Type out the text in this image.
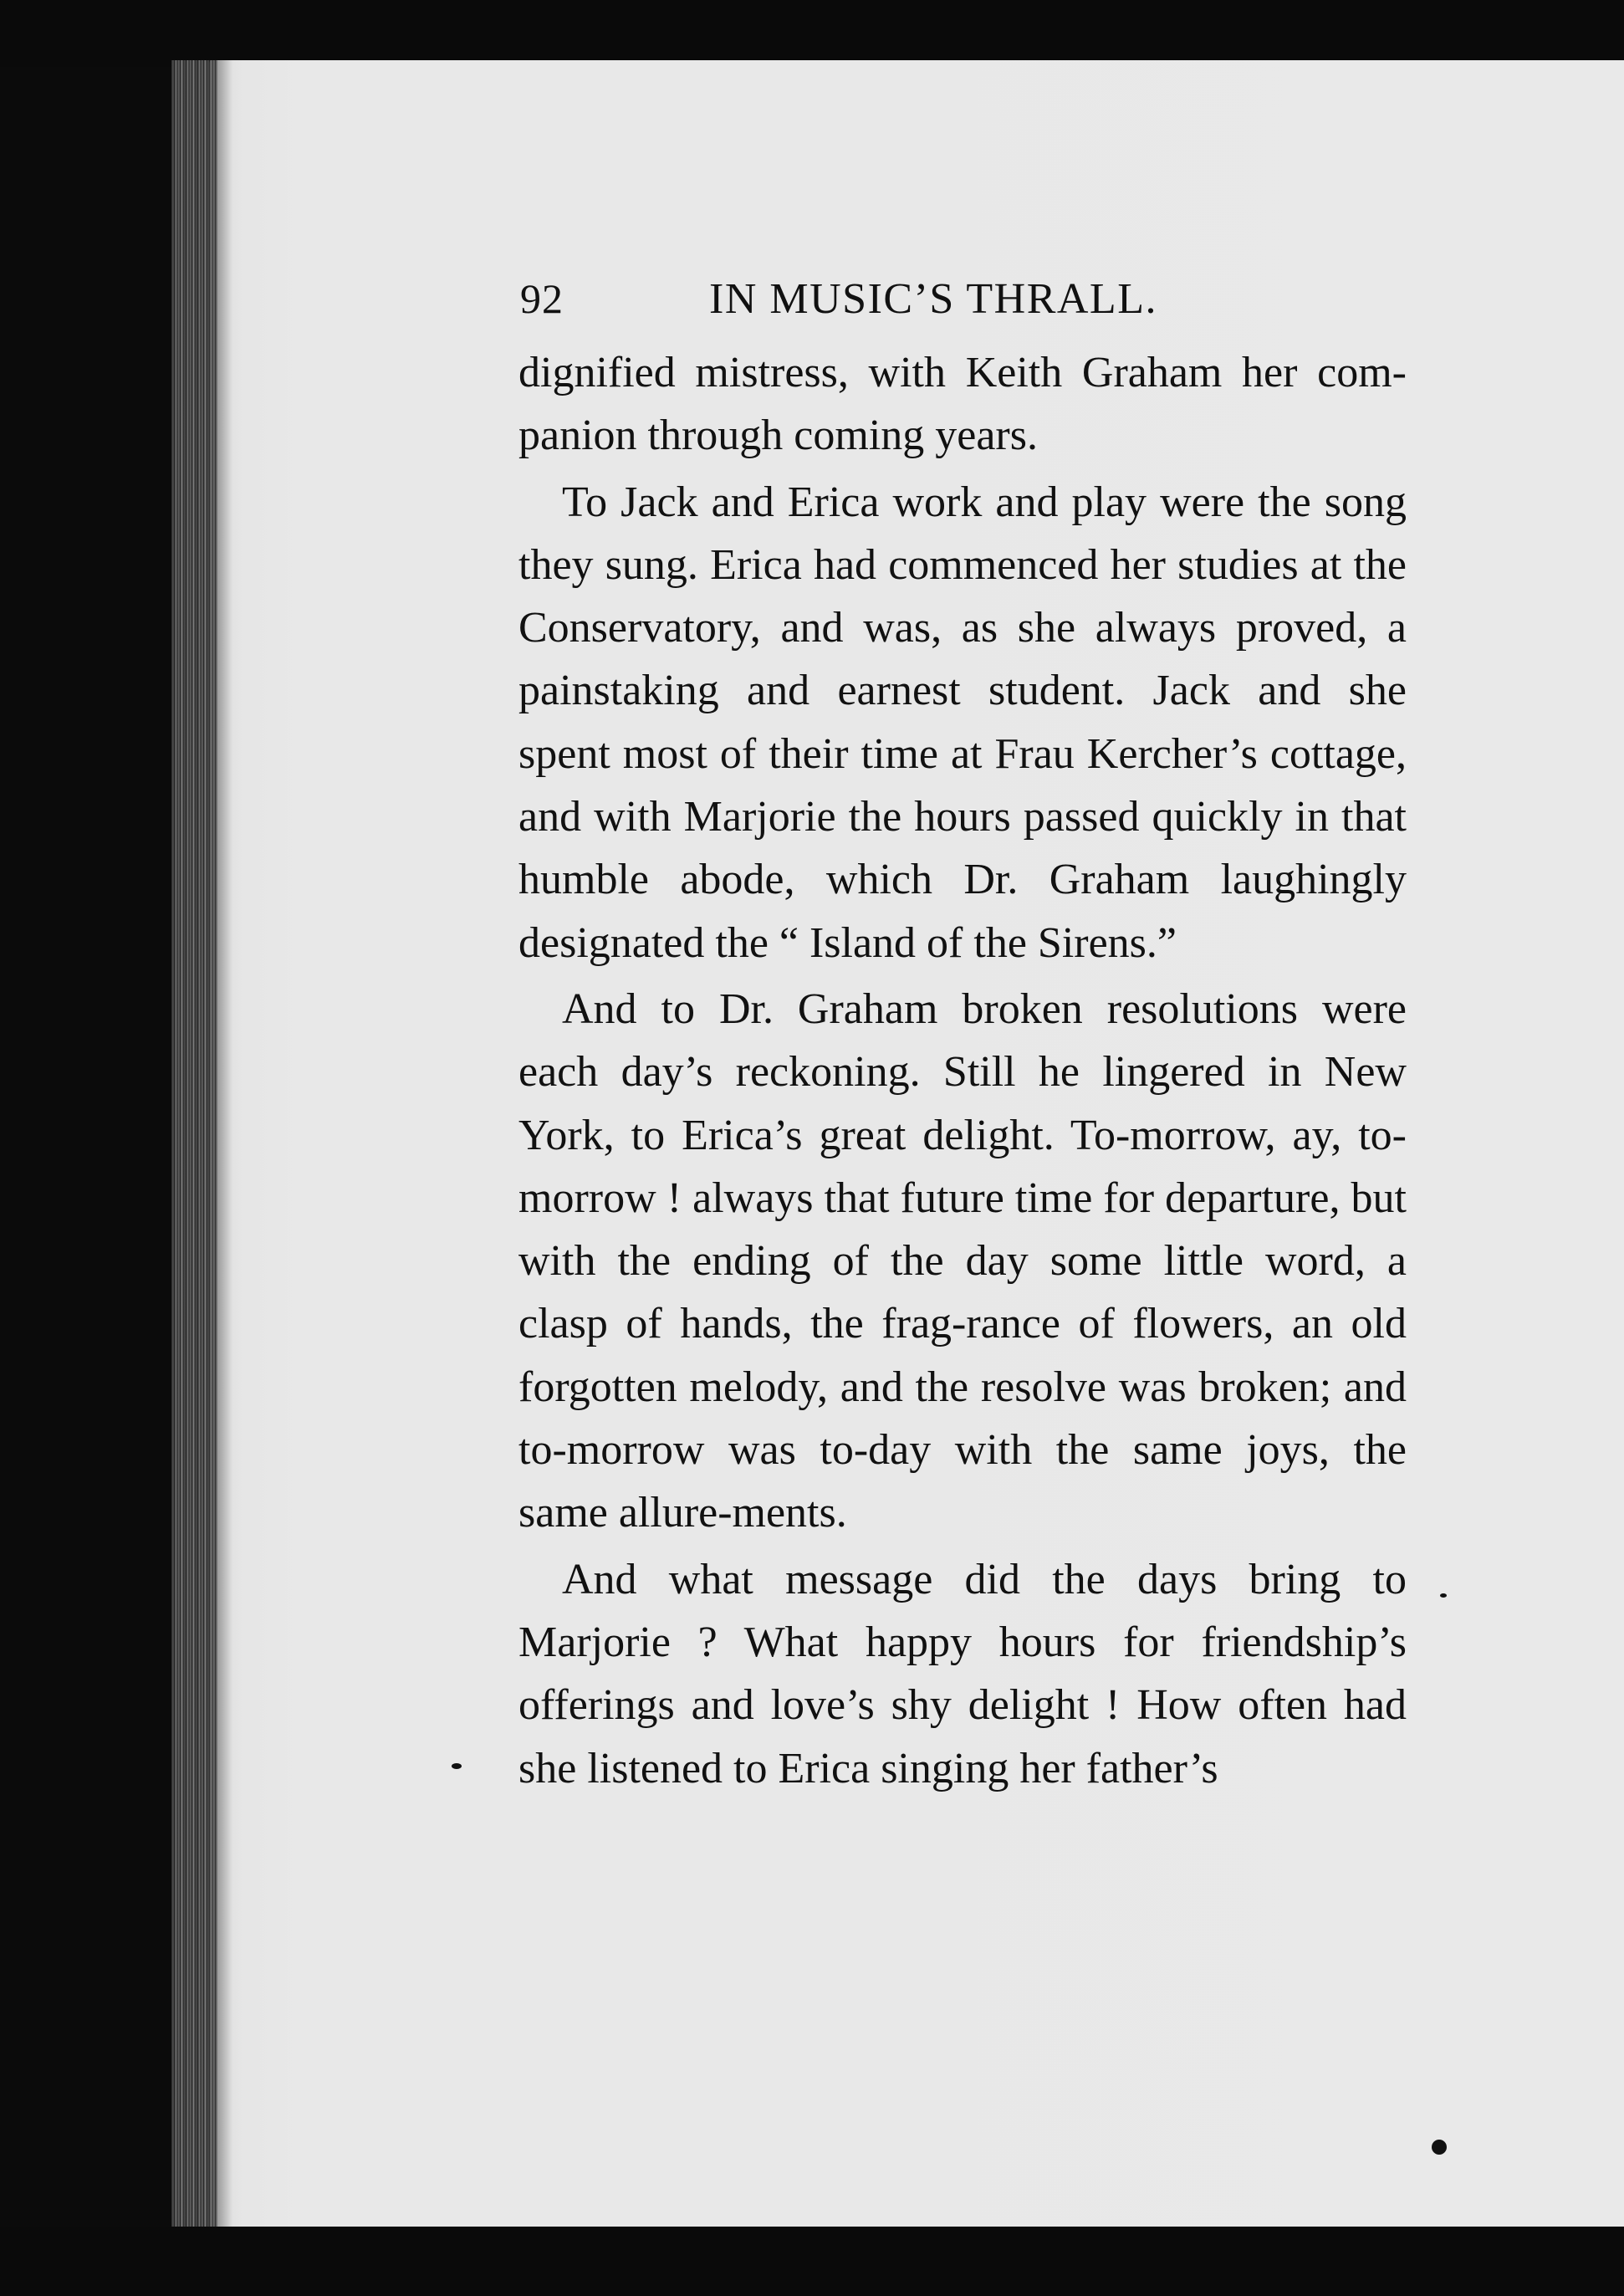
92	IN MUSIC’S THRALL.

dignified mistress, with Keith Graham her com-panion through coming years.

To Jack and Erica work and play were the song they sung. Erica had commenced her studies at the Conservatory, and was, as she always proved, a painstaking and earnest student. Jack and she spent most of their time at Frau Kercher’s cottage, and with Marjorie the hours passed quickly in that humble abode, which Dr. Graham laughingly designated the “ Island of the Sirens.”

And to Dr. Graham broken resolutions were each day’s reckoning. Still he lingered in New York, to Erica’s great delight. To-morrow, ay, to-morrow ! always that future time for departure, but with the ending of the day some little word, a clasp of hands, the frag-rance of flowers, an old forgotten melody, and the resolve was broken; and to-morrow was to-day with the same joys, the same allure-ments.

And what message did the days bring to Marjorie ? What happy hours for friendship’s offerings and love’s shy delight ! How often had she listened to Erica singing her father’s
